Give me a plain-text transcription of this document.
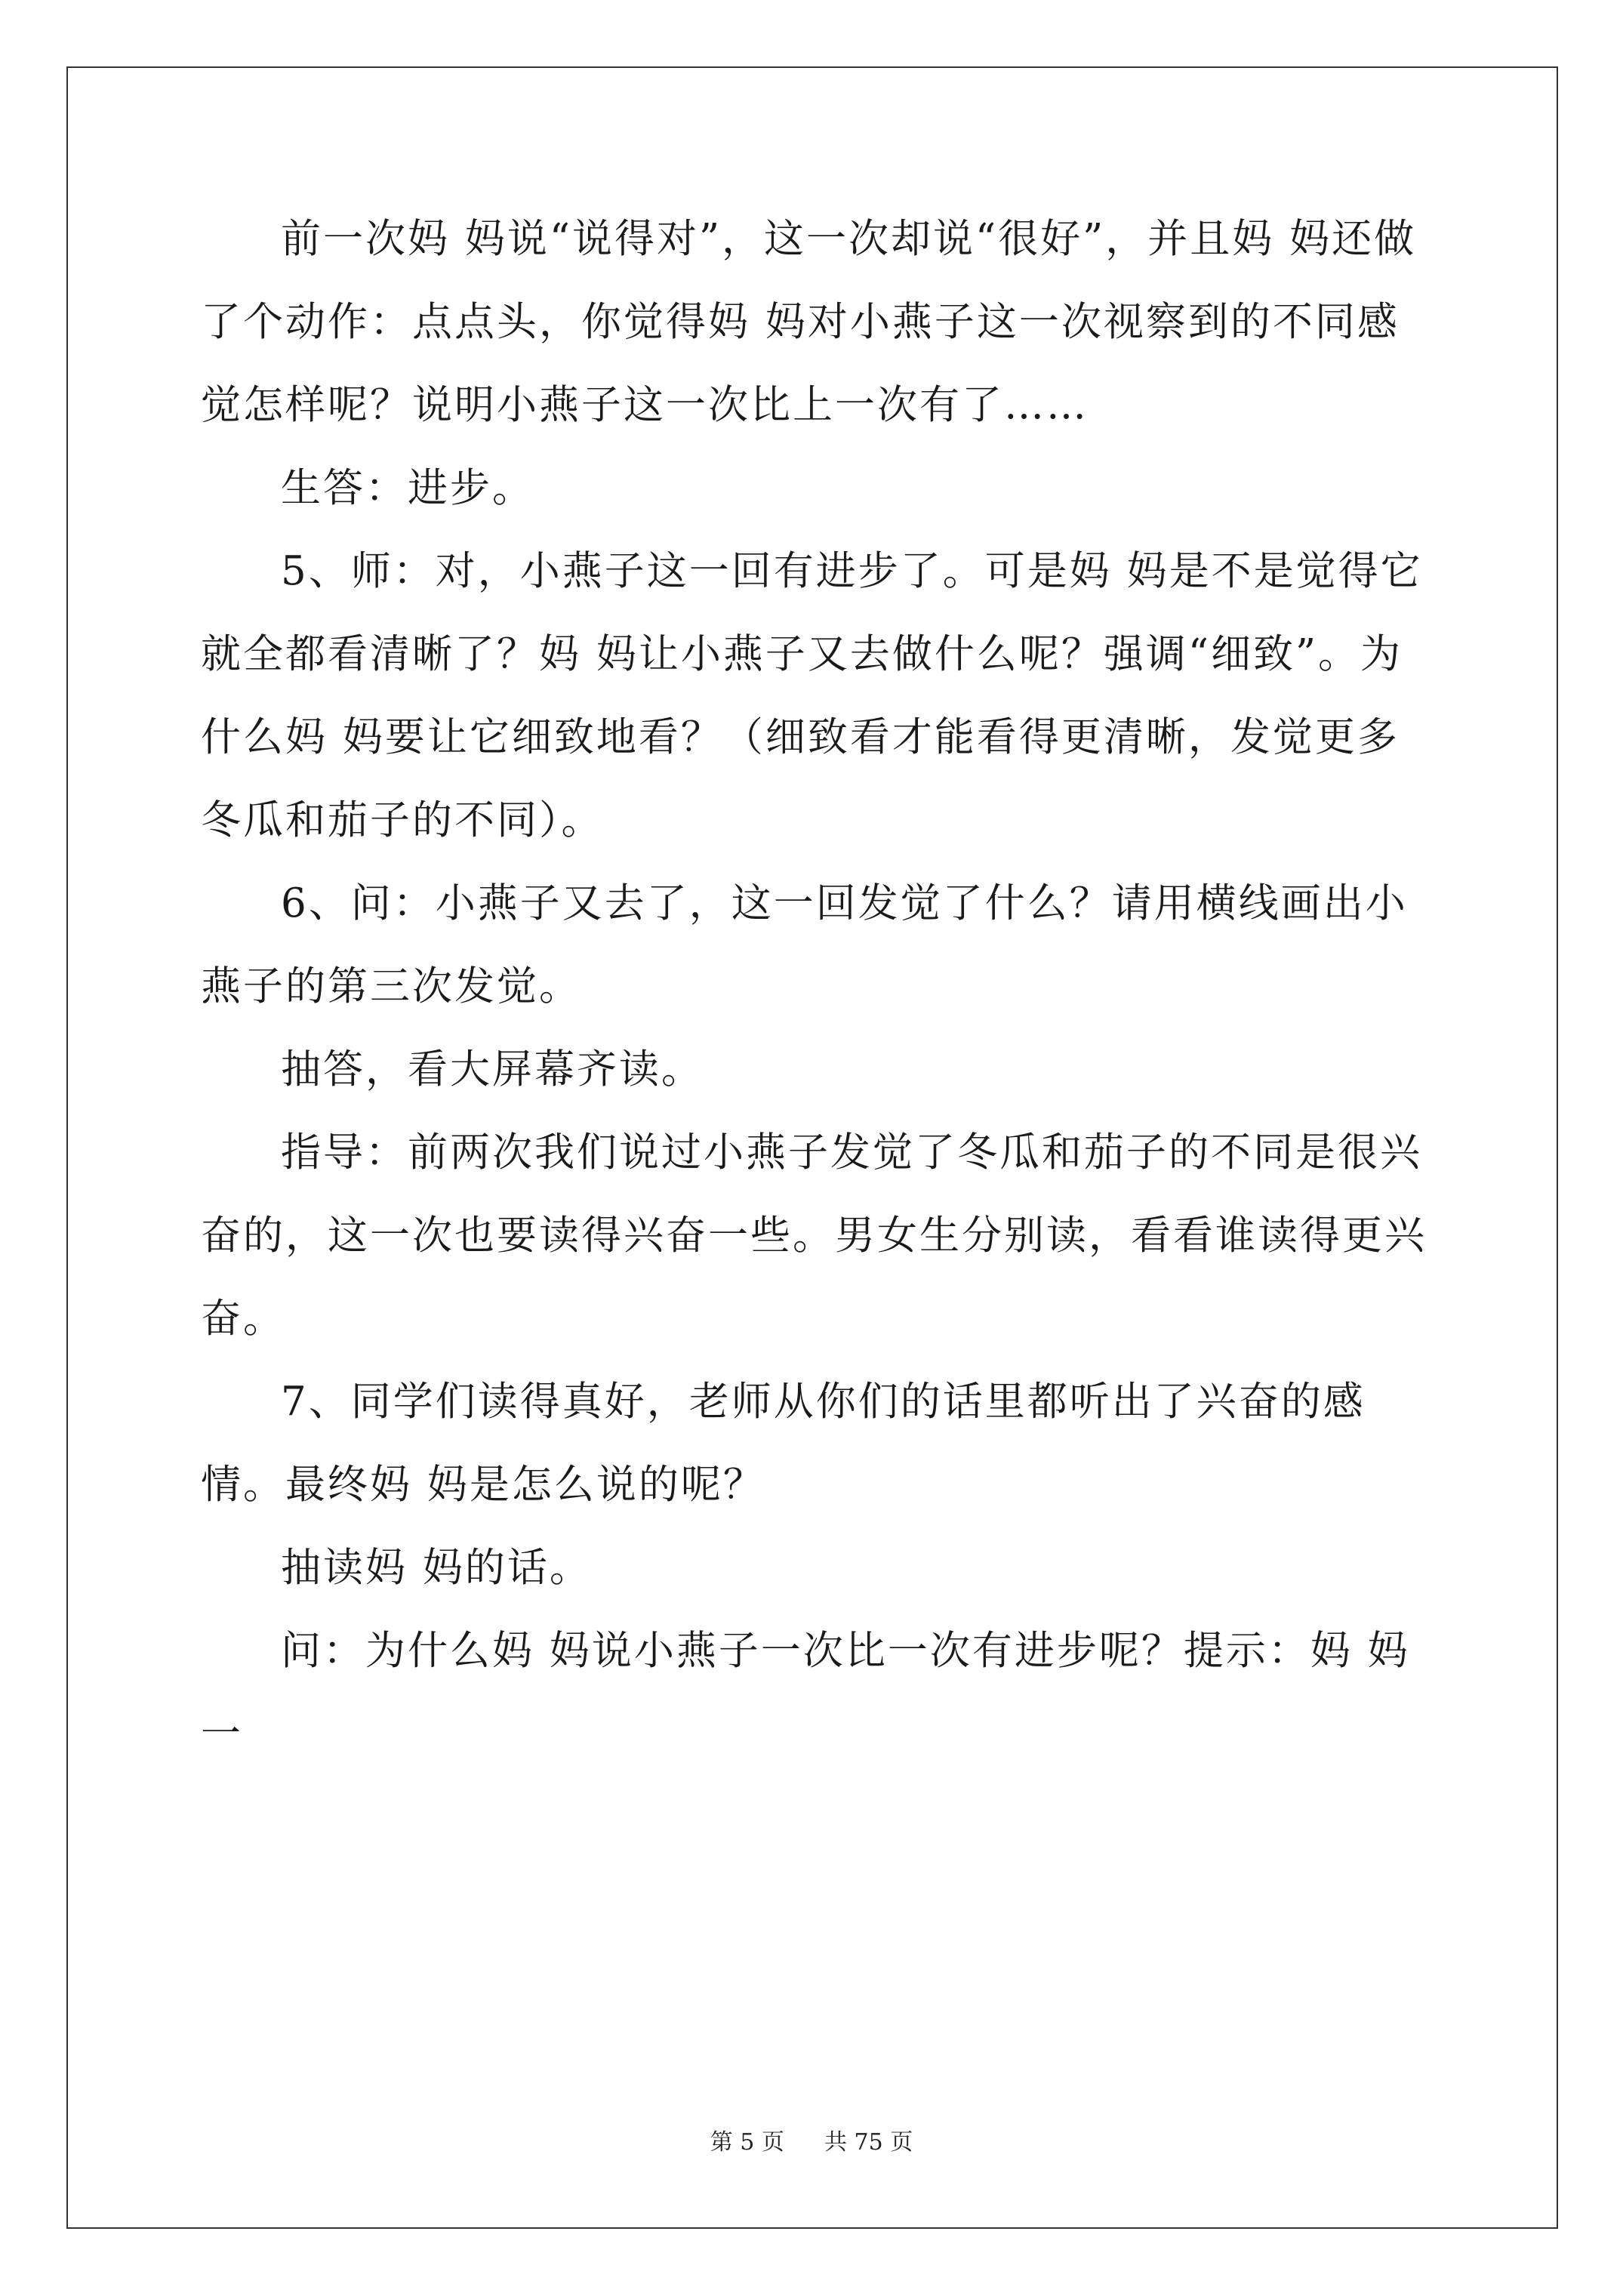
前一次妈 妈说“说得对”，这一次却说“很好”，并且妈 妈还做了个动作：点点头，你觉得妈 妈对小燕子这一次视察到的不同感觉怎样呢？说明小燕子这一次比上一次有了……

生答：进步。

5、师：对，小燕子这一回有进步了。可是妈 妈是不是觉得它就全都看清晰了？妈 妈让小燕子又去做什么呢？强调“细致”。为什么妈 妈要让它细致地看？（细致看才能看得更清晰，发觉更多冬瓜和茄子的不同）。

6、问：小燕子又去了，这一回发觉了什么？请用横线画出小燕子的第三次发觉。

抽答，看大屏幕齐读。

指导：前两次我们说过小燕子发觉了冬瓜和茄子的不同是很兴奋的，这一次也要读得兴奋一些。男女生分别读，看看谁读得更兴奋。

7、同学们读得真好，老师从你们的话里都听出了兴奋的感情。最终妈 妈是怎么说的呢？

抽读妈 妈的话。

问：为什么妈 妈说小燕子一次比一次有进步呢？提示：妈 妈一

第 5 页 共 75 页
